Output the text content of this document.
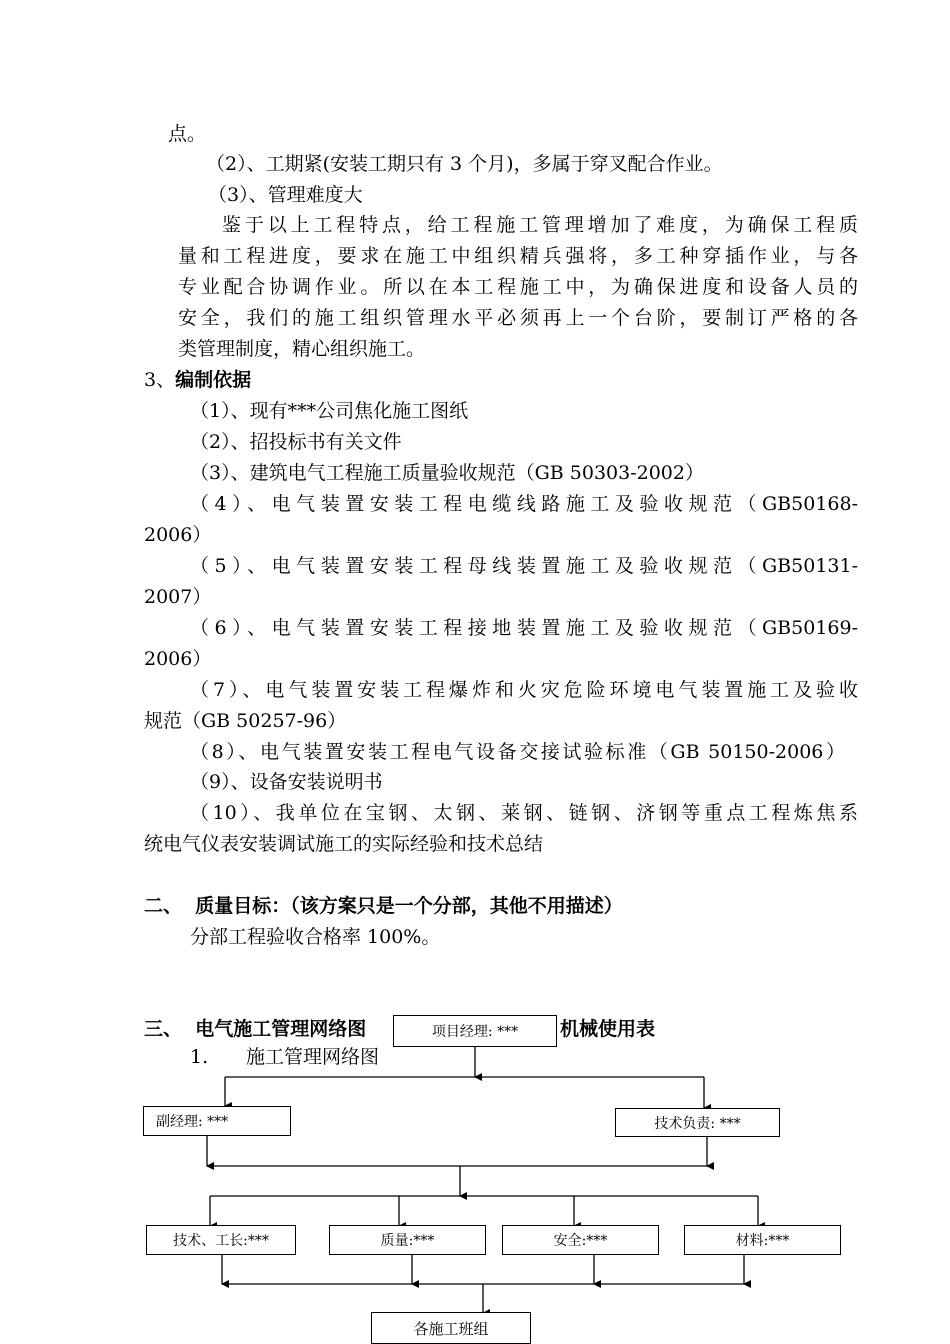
点。
（2）、工期紧(安装工期只有 3 个月)，多属于穿叉配合作业。
（3）、管理难度大
鉴于以上工程特点，给工程施工管理增加了难度，为确保工程质
量和工程进度，要求在施工中组织精兵强将，多工种穿插作业，与各
专业配合协调作业。所以在本工程施工中，为确保进度和设备人员的
安全，我们的施工组织管理水平必须再上一个台阶，要制订严格的各
类管理制度，精心组织施工。
3、编制依据
（1）、现有***公司焦化施工图纸
（2）、招投标书有关文件
（3）、建筑电气工程施工质量验收规范（GB 50303-2002）
（4）、电气装置安装工程电缆线路施工及验收规范（GB50168-
2006）
（5）、电气装置安装工程母线装置施工及验收规范（GB50131-
2007）
（6）、电气装置安装工程接地装置施工及验收规范（GB50169-
2006）
（7）、电气装置安装工程爆炸和火灾危险环境电气装置施工及验收
规范（GB 50257-96）
（8）、电气装置安装工程电气设备交接试验标准（GB 50150-2006）
（9）、设备安装说明书
（10）、我单位在宝钢、太钢、莱钢、链钢、济钢等重点工程炼焦系
统电气仪表安装调试施工的实际经验和技术总结
二、  质量目标：（该方案只是一个分部，其他不用描述）
分部工程验收合格率 100%。
三、  电气施工管理网络图	机械使用表
1. 施工管理网络图
项目经理: ***
副经理: ***	技术负责: ***
技术、工长:***	质量:***	安全:***	材料:***
各施工班组
